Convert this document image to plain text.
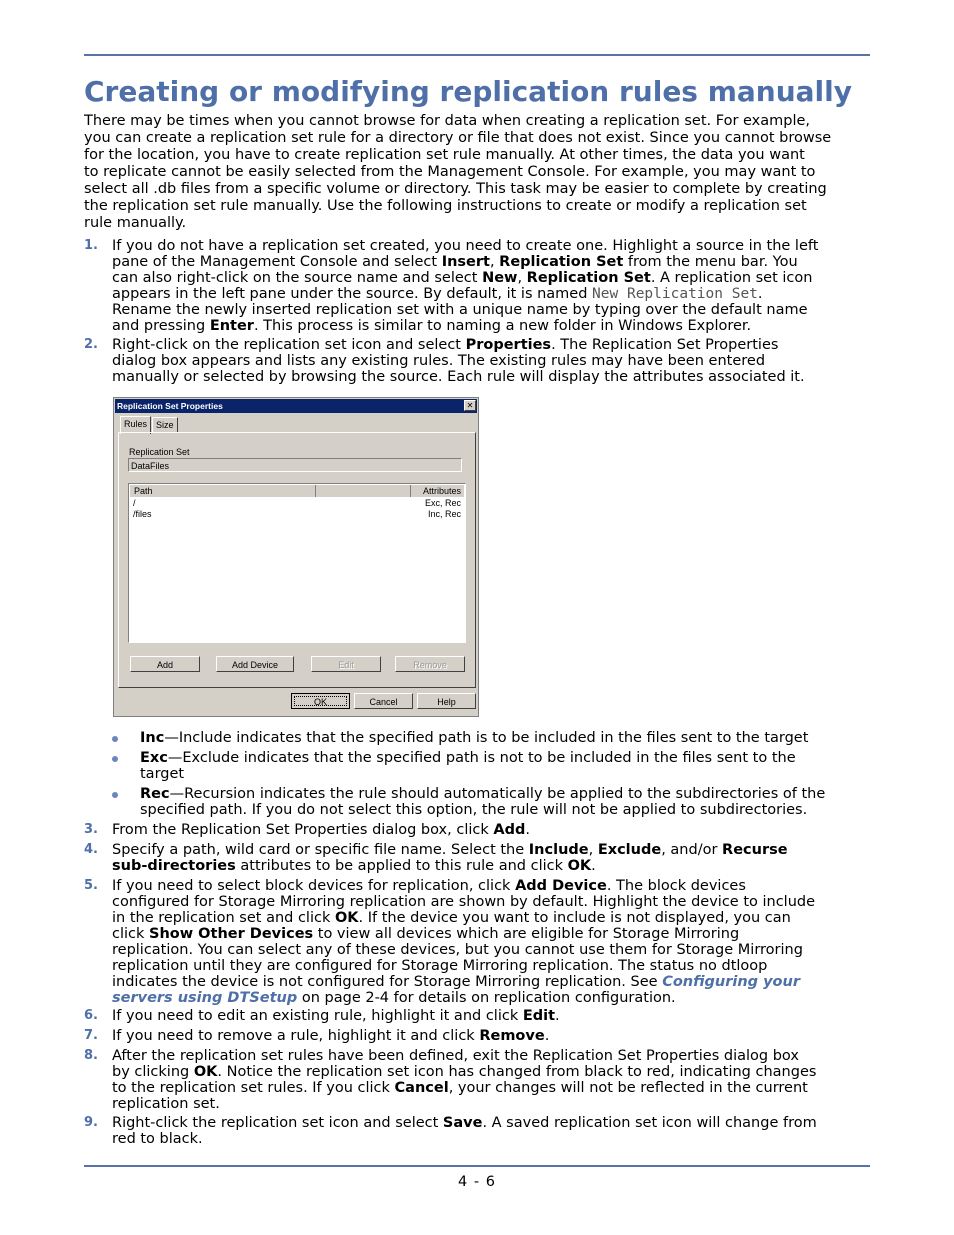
Creating or modifying replication rules manually

There may be times when you cannot browse for data when creating a replication set. For example,

you can create a replication set rule for a directory or file that does not exist. Since you cannot browse

for the location, you have to create replication set rule manually. At other times, the data you want

to replicate cannot be easily selected from the Management Console. For example, you may want to

select all .db files from a specific volume or directory. This task may be easier to complete by creating

the replication set rule manually. Use the following instructions to create or modify a replication set

rule manually.

1. If you do not have a replication set created, you need to create one. Highlight a source in the left

pane of the Management Console and select Insert, Replication Set from the menu bar. You

can also right-click on the source name and select New, Replication Set. A replication set icon

appears in the left pane under the source. By default, it is named New Replication Set.

Rename the newly inserted replication set with a unique name by typing over the default name

and pressing Enter. This process is similar to naming a new folder in Windows Explorer.

2. Right-click on the replication set icon and select Properties. The Replication Set Properties

dialog box appears and lists any existing rules. The existing rules may have been entered

manually or selected by browsing the source. Each rule will display the attributes associated it.

Replication Set Properties	✕
Rules Size
Replication Set
DataFiles
Path	Attributes
/	Exc, Rec
/files	Inc, Rec
Add	Add Device	Edit	Remove
OK	Cancel	Help

Inc—Include indicates that the specified path is to be included in the files sent to the target

Exc—Exclude indicates that the specified path is not to be included in the files sent to the

target

Rec—Recursion indicates the rule should automatically be applied to the subdirectories of the

specified path. If you do not select this option, the rule will not be applied to subdirectories.

3. From the Replication Set Properties dialog box, click Add.

4. Specify a path, wild card or specific file name. Select the Include, Exclude, and/or Recurse

sub-directories attributes to be applied to this rule and click OK.

5. If you need to select block devices for replication, click Add Device. The block devices

configured for Storage Mirroring replication are shown by default. Highlight the device to include

in the replication set and click OK. If the device you want to include is not displayed, you can

click Show Other Devices to view all devices which are eligible for Storage Mirroring

replication. You can select any of these devices, but you cannot use them for Storage Mirroring

replication until they are configured for Storage Mirroring replication. The status no dtloop

indicates the device is not configured for Storage Mirroring replication. See Configuring your

servers using DTSetup on page 2-4 for details on replication configuration.

6. If you need to edit an existing rule, highlight it and click Edit.

7. If you need to remove a rule, highlight it and click Remove.

8. After the replication set rules have been defined, exit the Replication Set Properties dialog box

by clicking OK. Notice the replication set icon has changed from black to red, indicating changes

to the replication set rules. If you click Cancel, your changes will not be reflected in the current

replication set.

9. Right-click the replication set icon and select Save. A saved replication set icon will change from

red to black.

4 - 6
